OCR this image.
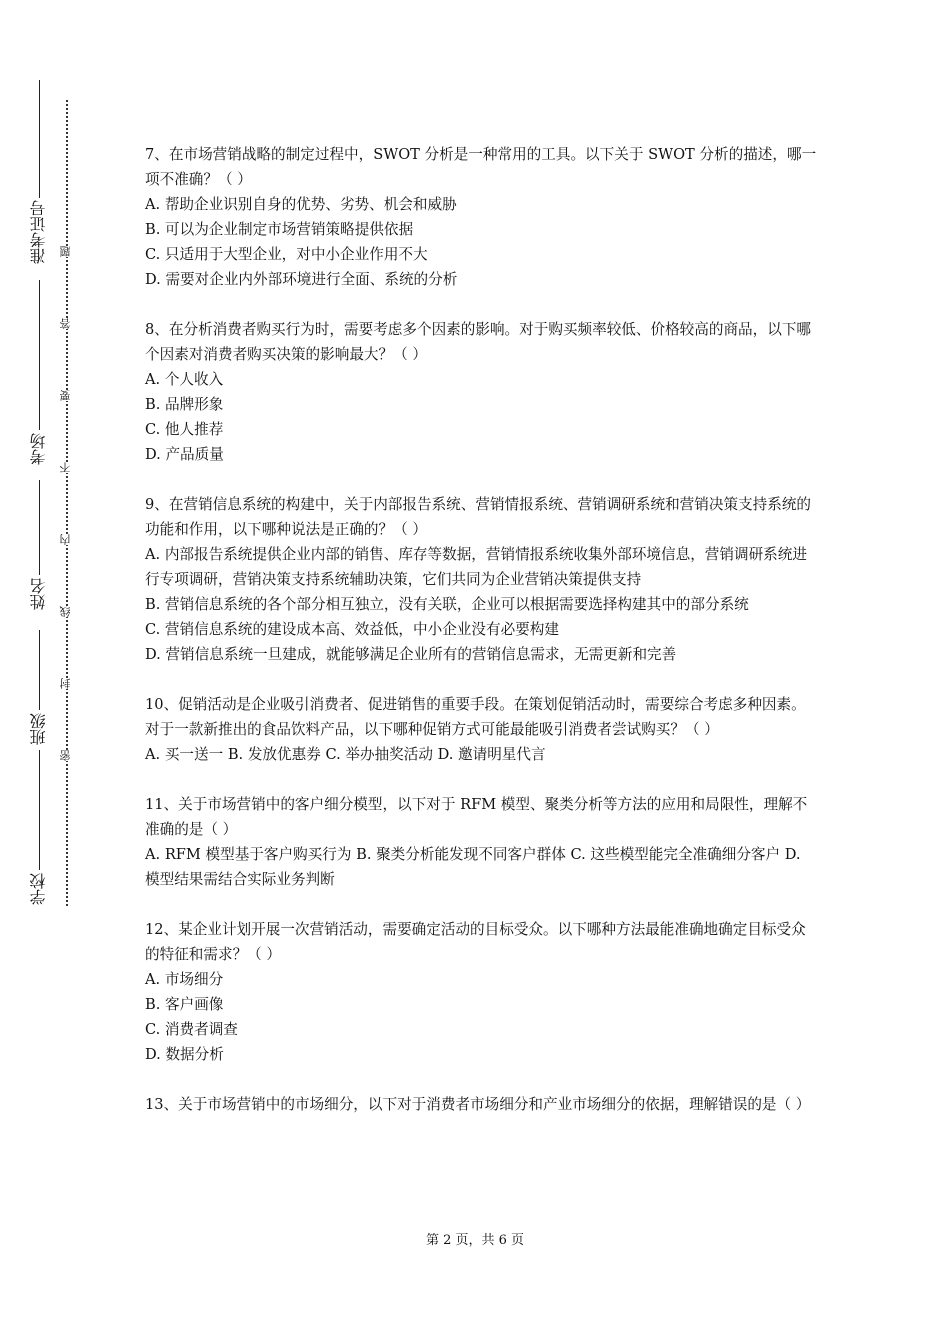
准考证号
考场
姓名
班级
学校
题
答
要
不
内
线
封
密

7、在市场营销战略的制定过程中，SWOT 分析是一种常用的工具。以下关于 SWOT 分析的描述，哪一项不准确？（ ）

A. 帮助企业识别自身的优势、劣势、机会和威胁

B. 可以为企业制定市场营销策略提供依据

C. 只适用于大型企业，对中小企业作用不大

D. 需要对企业内外部环境进行全面、系统的分析

8、在分析消费者购买行为时，需要考虑多个因素的影响。对于购买频率较低、价格较高的商品，以下哪个因素对消费者购买决策的影响最大？（ ）

A. 个人收入

B. 品牌形象

C. 他人推荐

D. 产品质量

9、在营销信息系统的构建中，关于内部报告系统、营销情报系统、营销调研系统和营销决策支持系统的功能和作用，以下哪种说法是正确的？（ ）

A. 内部报告系统提供企业内部的销售、库存等数据，营销情报系统收集外部环境信息，营销调研系统进行专项调研，营销决策支持系统辅助决策，它们共同为企业营销决策提供支持

B. 营销信息系统的各个部分相互独立，没有关联，企业可以根据需要选择构建其中的部分系统

C. 营销信息系统的建设成本高、效益低，中小企业没有必要构建

D. 营销信息系统一旦建成，就能够满足企业所有的营销信息需求，无需更新和完善

10、促销活动是企业吸引消费者、促进销售的重要手段。在策划促销活动时，需要综合考虑多种因素。对于一款新推出的食品饮料产品，以下哪种促销方式可能最能吸引消费者尝试购买？（ ）

A. 买一送一 B. 发放优惠券 C. 举办抽奖活动 D. 邀请明星代言

11、关于市场营销中的客户细分模型，以下对于 RFM 模型、聚类分析等方法的应用和局限性，理解不准确的是（ ）

A. RFM 模型基于客户购买行为 B. 聚类分析能发现不同客户群体 C. 这些模型能完全准确细分客户 D. 模型结果需结合实际业务判断

12、某企业计划开展一次营销活动，需要确定活动的目标受众。以下哪种方法最能准确地确定目标受众的特征和需求？（ ）

A. 市场细分

B. 客户画像

C. 消费者调查

D. 数据分析

13、关于市场营销中的市场细分，以下对于消费者市场细分和产业市场细分的依据，理解错误的是（ ）

第 2 页，共 6 页
